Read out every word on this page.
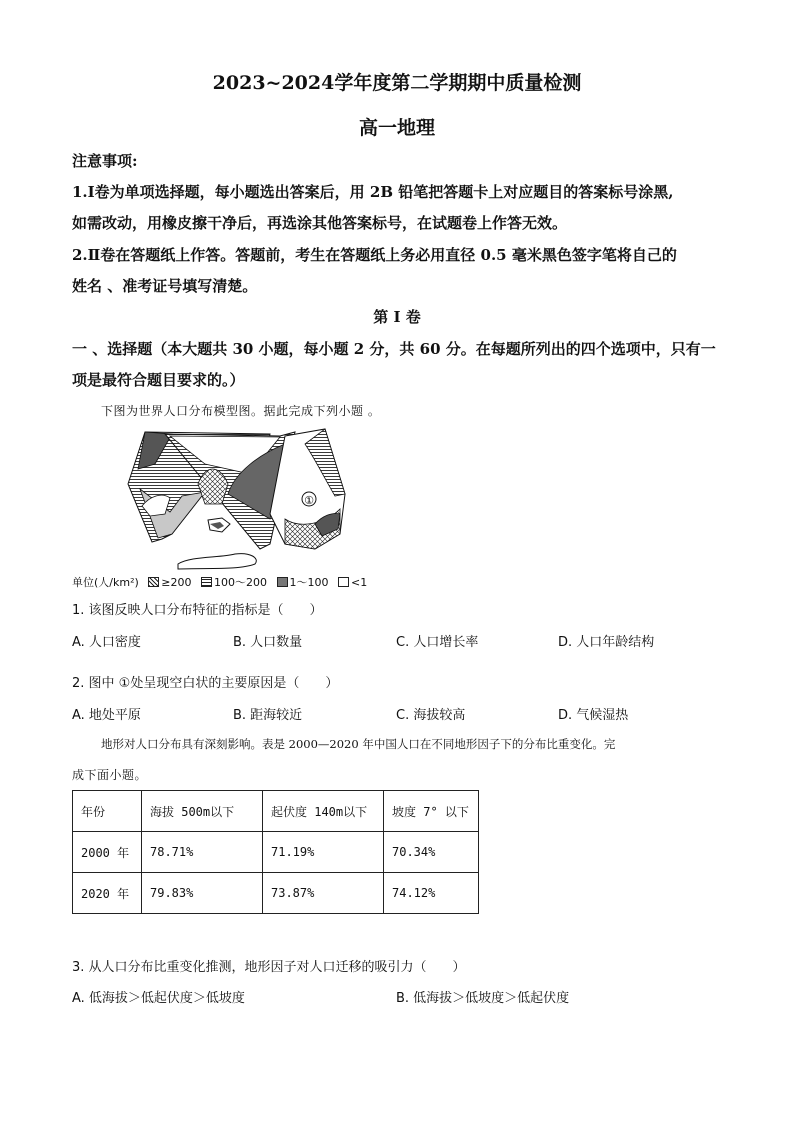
2023~2024学年度第二学期期中质量检测
高一地理
注意事项:
1.Ⅰ卷为单项选择题，每小题选出答案后，用 2B 铅笔把答题卡上对应题目的答案标号涂黑,
如需改动，用橡皮擦干净后，再选涂其他答案标号，在试题卷上作答无效。
2.Ⅱ卷在答题纸上作答。答题前，考生在答题纸上务必用直径 0.5 毫米黑色签字笔将自己的
姓名 、准考证号填写清楚。
第 I 卷
一 、选择题（本大题共 30 小题，每小题 2 分，共 60 分。在每题所列出的四个选项中，只有一
项是最符合题目要求的。）
下图为世界人口分布模型图。据此完成下列小题 。
①
单位(人/km²) ≥200 100～200 1～100 <1
1. 该图反映人口分布特征的指标是（　　）
A. 人口密度	B. 人口数量	C. 人口增长率	D. 人口年龄结构
2. 图中 ①处呈现空白状的主要原因是（　　）
A. 地处平原	B. 距海较近	C. 海拔较高	D. 气候湿热
地形对人口分布具有深刻影响。表是 2000—2020 年中国人口在不同地形因子下的分布比重变化。完
成下面小题。
年份	海拔 500m以下	起伏度 140m以下	坡度 7° 以下
2000 年	78.71%	71.19%	70.34%
2020 年	79.83%	73.87%	74.12%
3. 从人口分布比重变化推测，地形因子对人口迁移的吸引力（　　）
A. 低海拔＞低起伏度＞低坡度	B. 低海拔＞低坡度＞低起伏度
